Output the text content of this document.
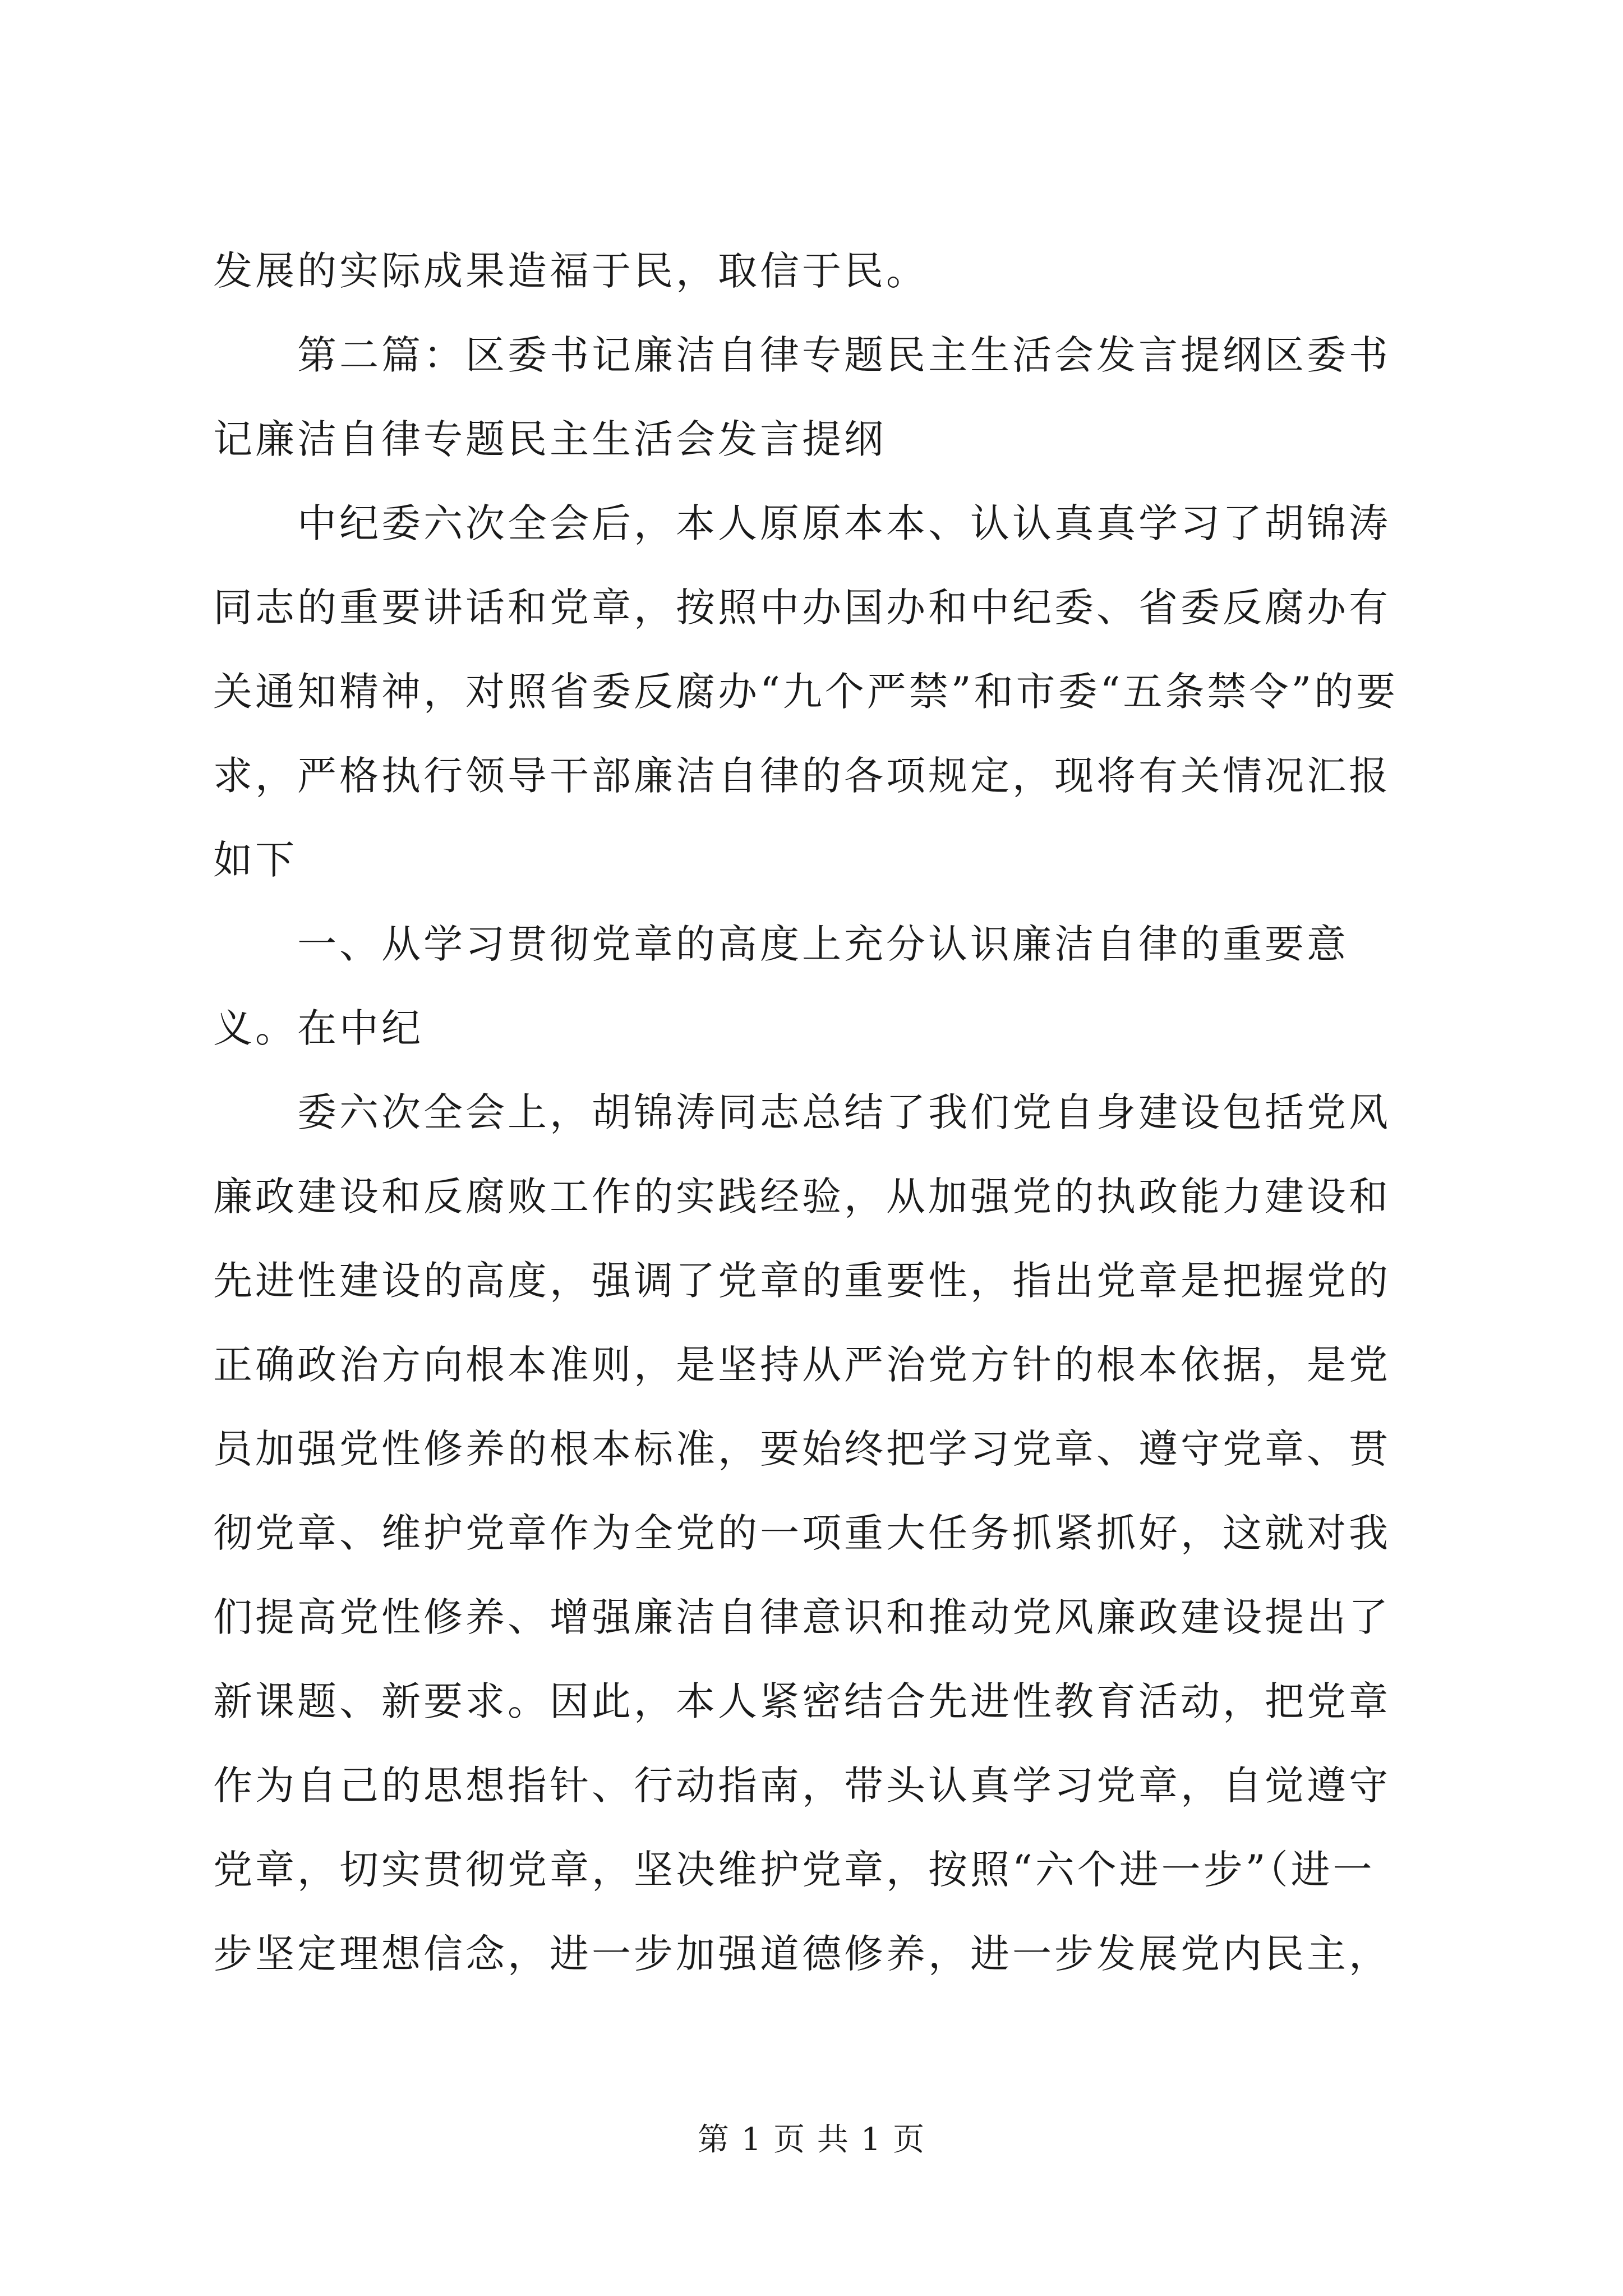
发展的实际成果造福于民，取信于民。

第二篇：区委书记廉洁自律专题民主生活会发言提纲区委书记廉洁自律专题民主生活会发言提纲

中纪委六次全会后，本人原原本本、认认真真学习了胡锦涛同志的重要讲话和党章，按照中办国办和中纪委、省委反腐办有关通知精神，对照省委反腐办“九个严禁”和市委“五条禁令”的要求，严格执行领导干部廉洁自律的各项规定，现将有关情况汇报如下

一、从学习贯彻党章的高度上充分认识廉洁自律的重要意义。在中纪

委六次全会上，胡锦涛同志总结了我们党自身建设包括党风廉政建设和反腐败工作的实践经验，从加强党的执政能力建设和先进性建设的高度，强调了党章的重要性，指出党章是把握党的正确政治方向根本准则，是坚持从严治党方针的根本依据，是党员加强党性修养的根本标准，要始终把学习党章、遵守党章、贯彻党章、维护党章作为全党的一项重大任务抓紧抓好，这就对我们提高党性修养、增强廉洁自律意识和推动党风廉政建设提出了新课题、新要求。因此，本人紧密结合先进性教育活动，把党章作为自己的思想指针、行动指南，带头认真学习党章，自觉遵守党章，切实贯彻党章，坚决维护党章，按照“六个进一步”（进一步坚定理想信念，进一步加强道德修养，进一步发展党内民主，

第 1 页 共 1 页
